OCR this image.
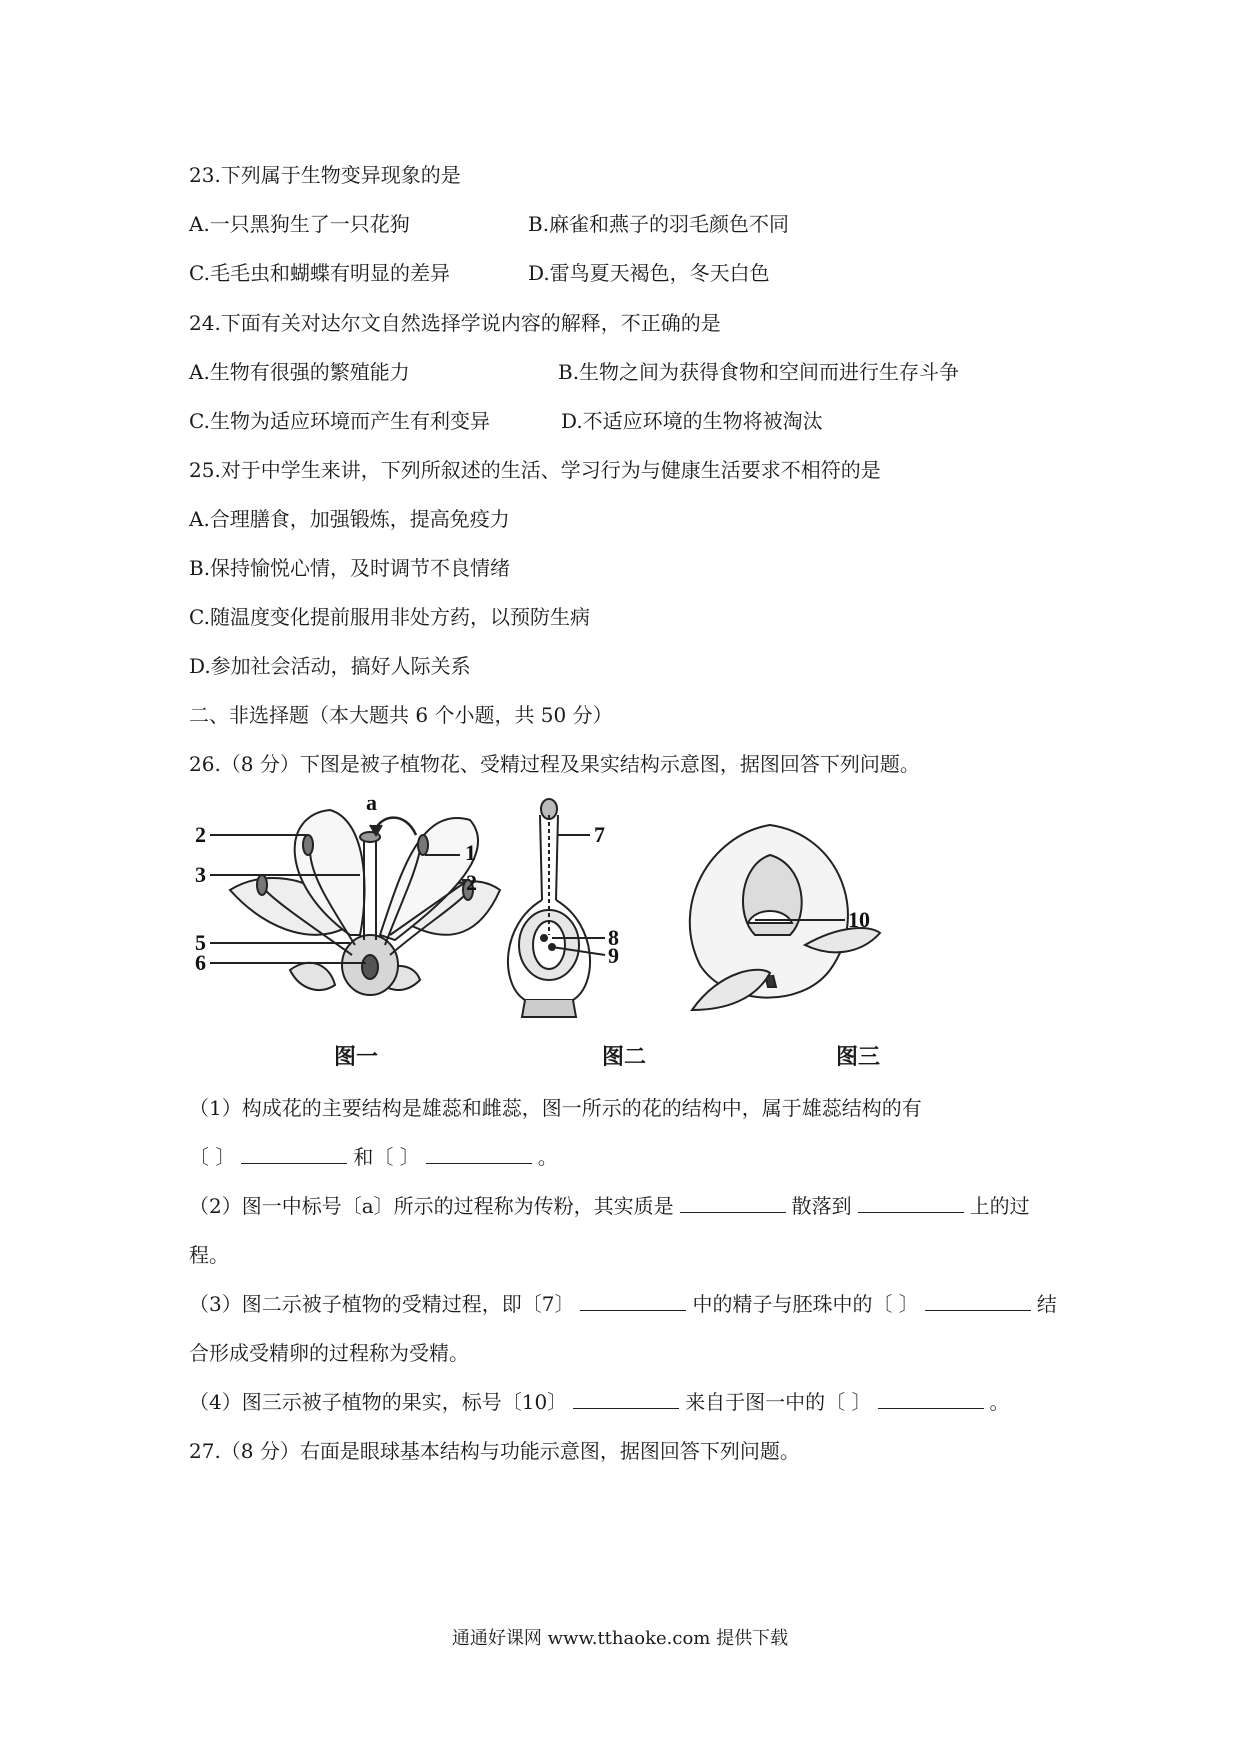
23.下列属于生物变异现象的是
A.一只黑狗生了一只花狗	B.麻雀和燕子的羽毛颜色不同
C.毛毛虫和蝴蝶有明显的差异	D.雷鸟夏天褐色，冬天白色
24.下面有关对达尔文自然选择学说内容的解释，不正确的是
A.生物有很强的繁殖能力	B.生物之间为获得食物和空间而进行生存斗争
C.生物为适应环境而产生有利变异	D.不适应环境的生物将被淘汰
25.对于中学生来讲，下列所叙述的生活、学习行为与健康生活要求不相符的是
A.合理膳食，加强锻炼，提高免疫力
B.保持愉悦心情，及时调节不良情绪
C.随温度变化提前服用非处方药，以预防生病
D.参加社会活动，搞好人际关系
二、非选择题（本大题共 6 个小题，共 50 分）
26.（8 分）下图是被子植物花、受精过程及果实结构示意图，据图回答下列问题。
2
3
5
6
a
1
2
7
8
9
10
图一	图二	图三
（1）构成花的主要结构是雄蕊和雌蕊，图一所示的花的结构中，属于雄蕊结构的有
〔 〕	和〔 〕	。
（2）图一中标号〔a〕所示的过程称为传粉，其实质是	散落到	上的过
程。
（3）图二示被子植物的受精过程，即〔7〕	中的精子与胚珠中的〔 〕	结
合形成受精卵的过程称为受精。
（4）图三示被子植物的果实，标号〔10〕	来自于图一中的〔 〕	。
27.（8 分）右面是眼球基本结构与功能示意图，据图回答下列问题。
通通好课网 www.tthaoke.com 提供下载
